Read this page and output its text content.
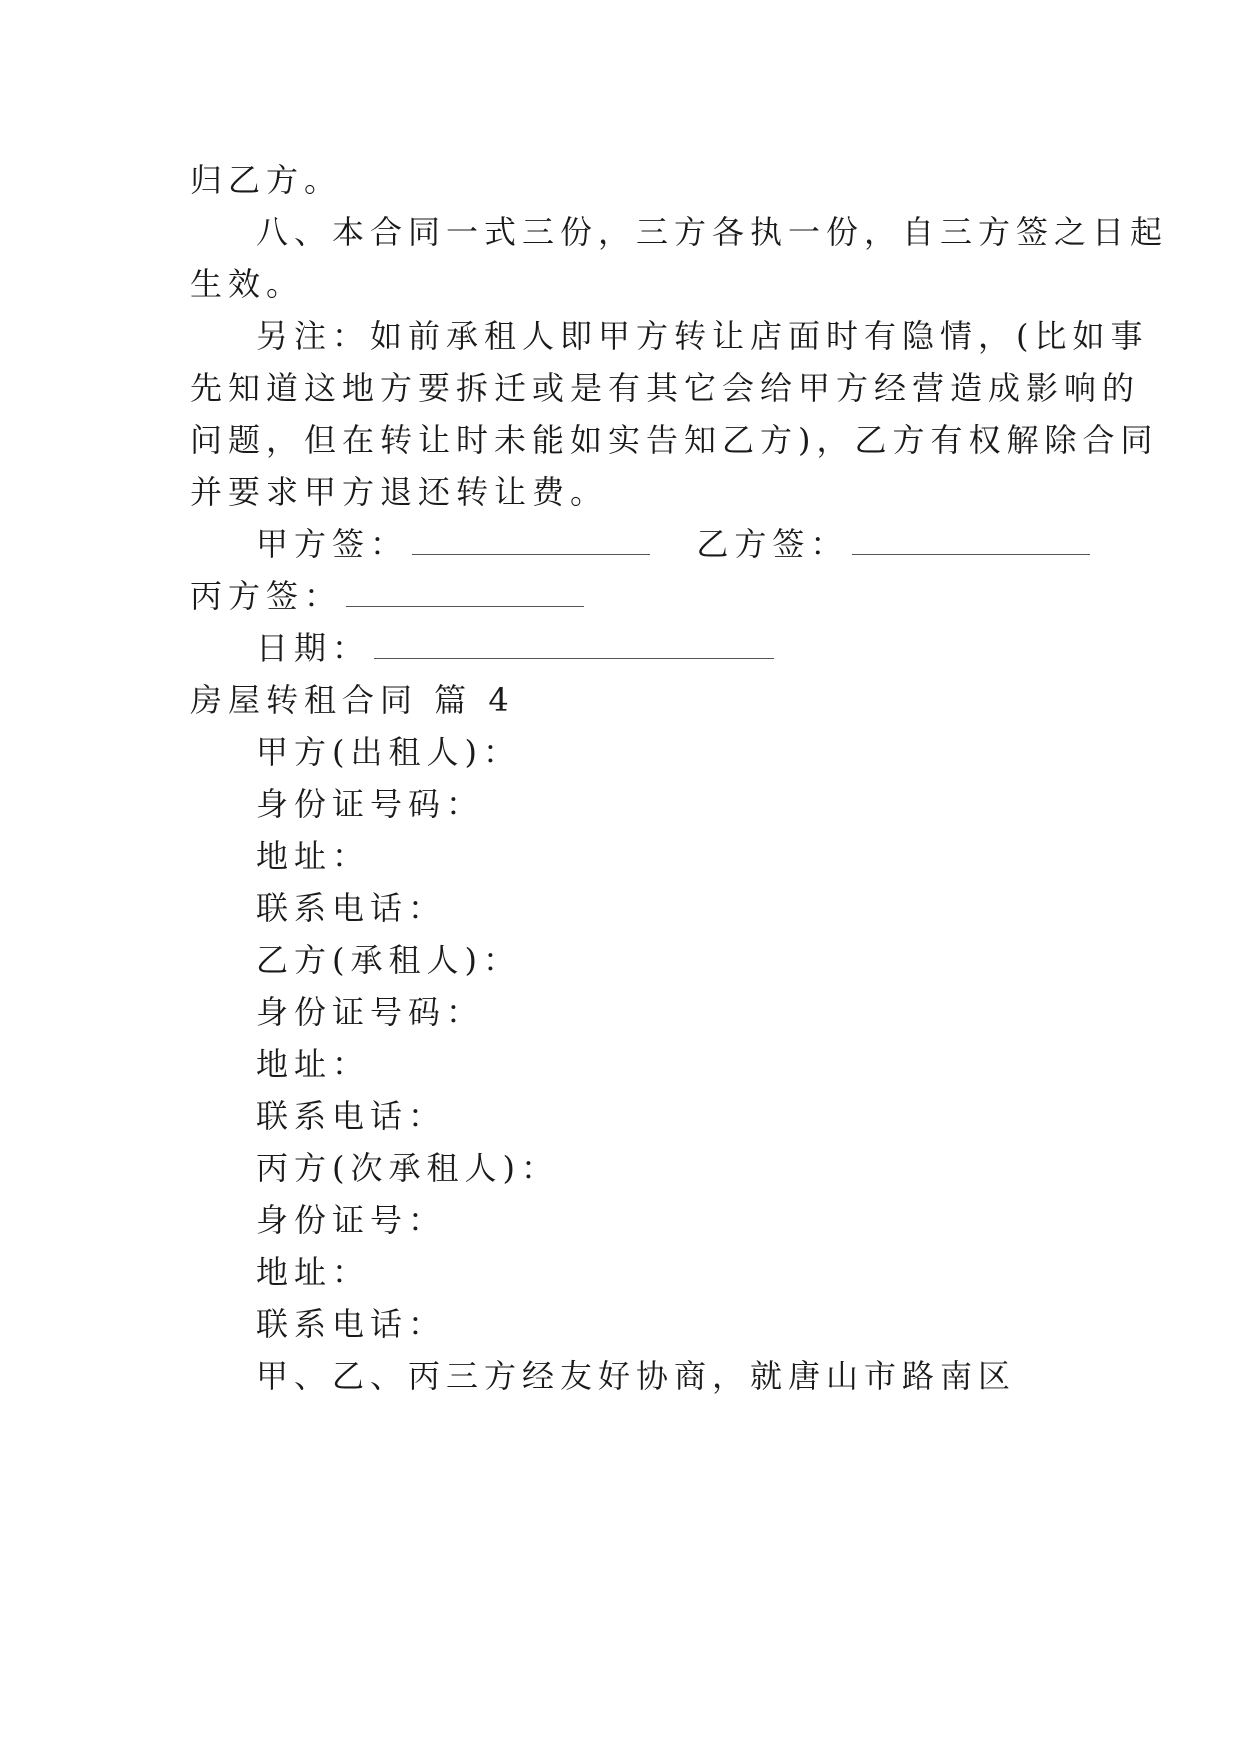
归乙方。
八、本合同一式三份，三方各执一份，自三方签之日起
生效。
另注：如前承租人即甲方转让店面时有隐情，(比如事
先知道这地方要拆迁或是有其它会给甲方经营造成影响的
问题，但在转让时未能如实告知乙方)，乙方有权解除合同
并要求甲方退还转让费。
甲方签：	乙方签：
丙方签：
日期：
房屋转租合同 篇 4
甲方(出租人)：
身份证号码：
地址：
联系电话：
乙方(承租人)：
身份证号码：
地址：
联系电话：
丙方(次承租人)：
身份证号：
地址：
联系电话：
甲、乙、丙三方经友好协商，就唐山市路南区
